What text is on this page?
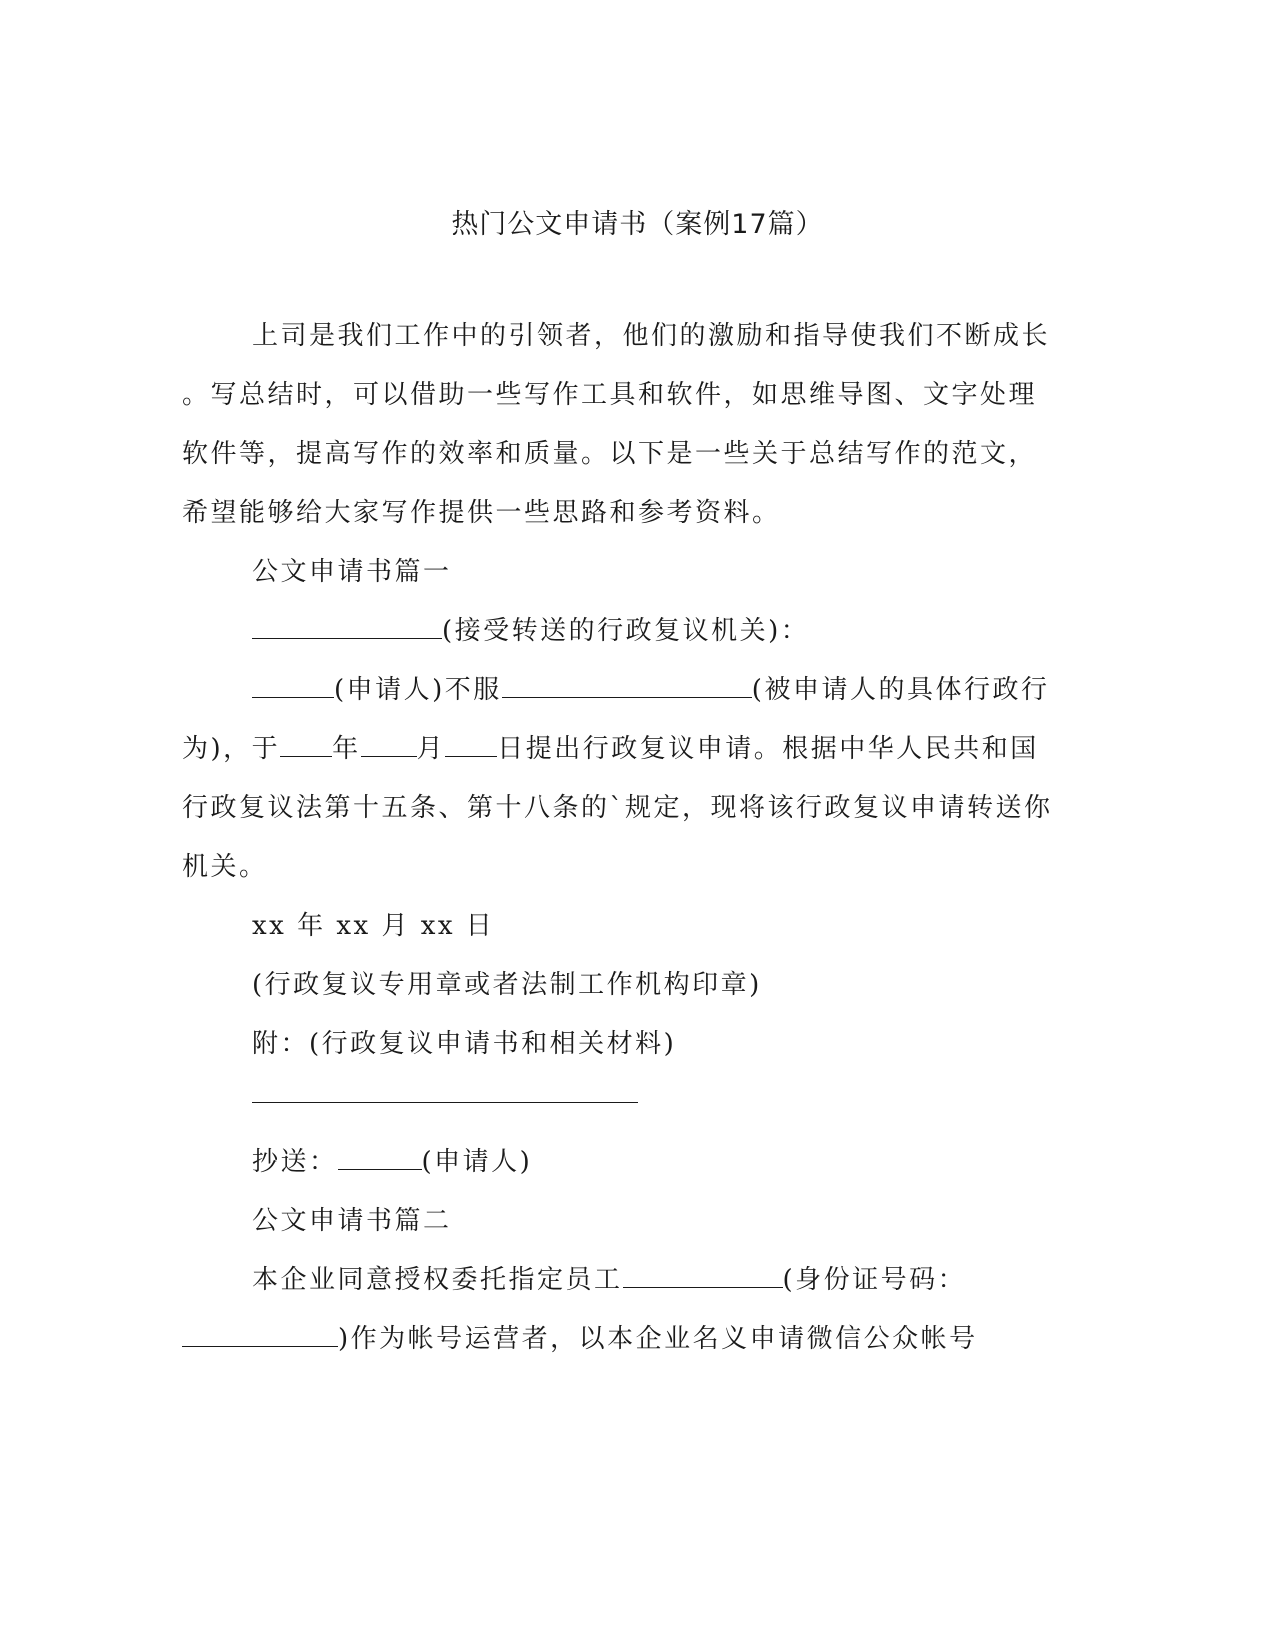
热门公文申请书（案例17篇）
上司是我们工作中的引领者，他们的激励和指导使我们不断成长
。写总结时，可以借助一些写作工具和软件，如思维导图、文字处理
软件等，提高写作的效率和质量。以下是一些关于总结写作的范文，
希望能够给大家写作提供一些思路和参考资料。
公文申请书篇一
(接受转送的行政复议机关)：
(申请人)不服	(被申请人的具体行政行
为)，于 年 月 日提出行政复议申请。根据中华人民共和国
行政复议法第十五条、第十八条的`规定，现将该行政复议申请转送你
机关。
xx 年 xx 月 xx 日
(行政复议专用章或者法制工作机构印章)
附：(行政复议申请书和相关材料)
抄送：	(申请人)
公文申请书篇二
本企业同意授权委托指定员工	(身份证号码：
)作为帐号运营者，以本企业名义申请微信公众帐号
